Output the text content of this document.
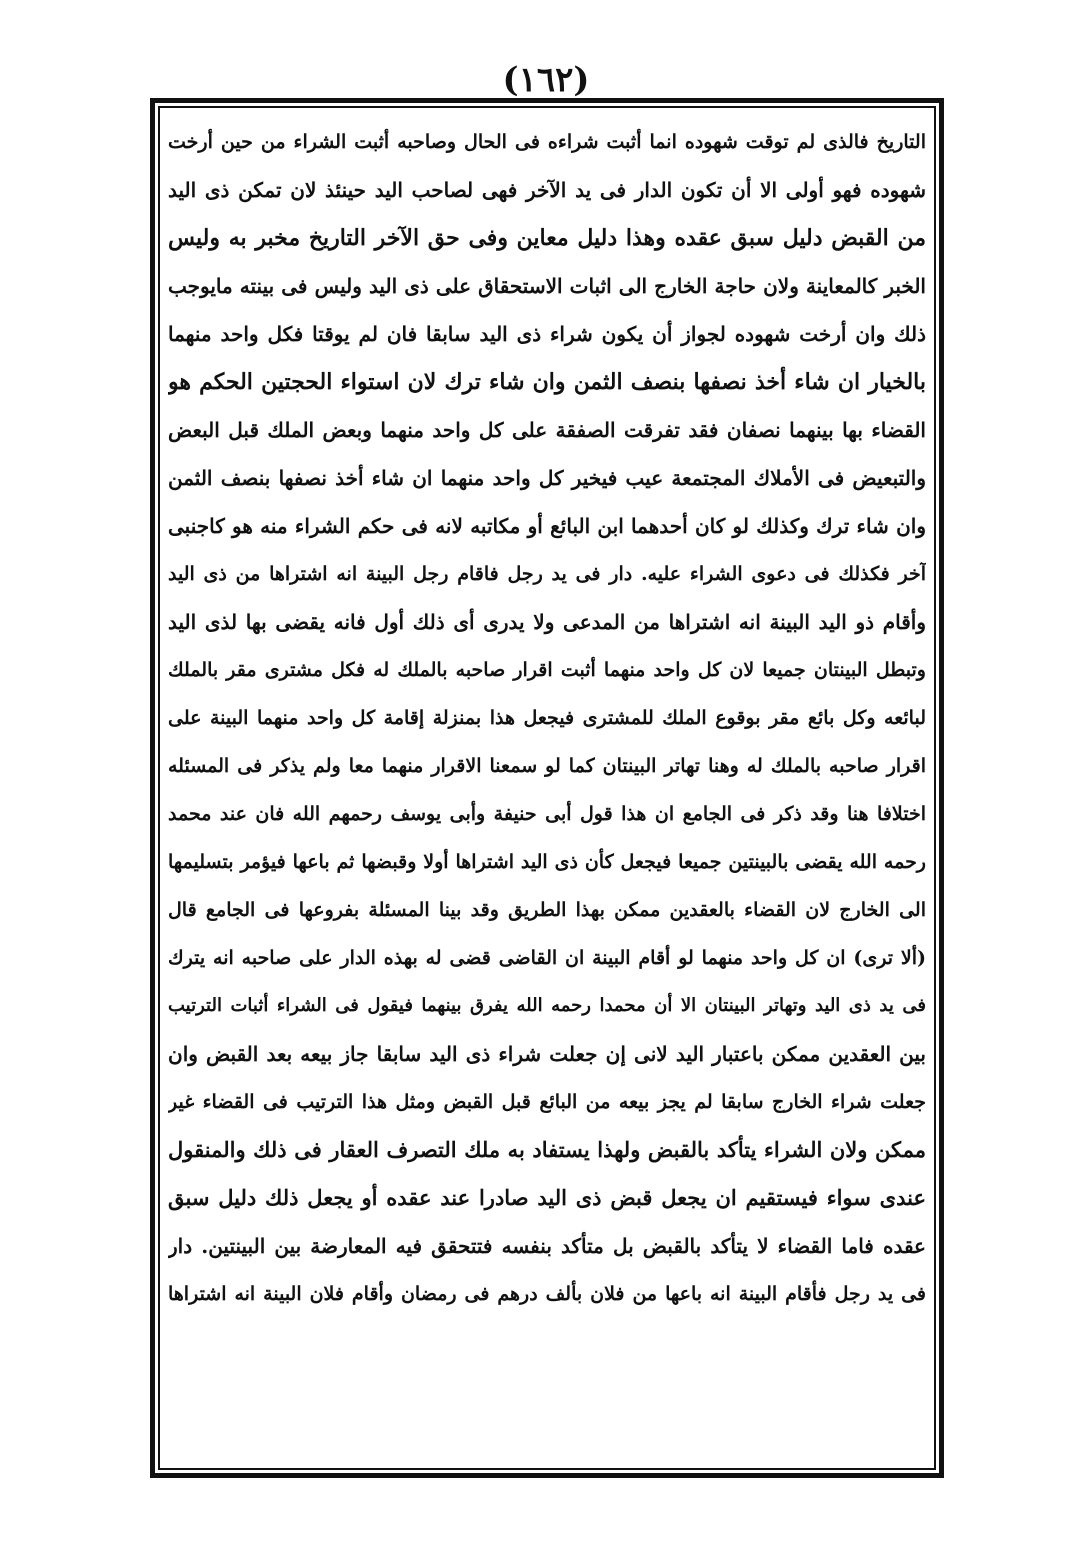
(١٦٢)
التاريخ فالذى لم توقت شهوده انما أثبت شراءه فى الحال وصاحبه أثبت الشراء من حين أرخت
شهوده فهو أولى الا أن تكون الدار فى يد الآخر فهى لصاحب اليد حينئذ لان تمكن ذى اليد
من القبض دليل سبق عقده وهذا دليل معاين وفى حق الآخر التاريخ مخبر به وليس
الخبر كالمعاينة ولان حاجة الخارج الى اثبات الاستحقاق على ذى اليد وليس فى بينته مايوجب
ذلك وان أرخت شهوده لجواز أن يكون شراء ذى اليد سابقا فان لم يوقتا فكل واحد منهما
بالخيار ان شاء أخذ نصفها بنصف الثمن وان شاء ترك لان استواء الحجتين الحكم هو
القضاء بها بينهما نصفان فقد تفرقت الصفقة على كل واحد منهما وبعض الملك قبل البعض
والتبعيض فى الأملاك المجتمعة عيب فيخير كل واحد منهما ان شاء أخذ نصفها بنصف الثمن
وان شاء ترك وكذلك لو كان أحدهما ابن البائع أو مكاتبه لانه فى حكم الشراء منه هو كاجنبى
آخر فكذلك فى دعوى الشراء عليه. دار فى يد رجل فاقام رجل البينة انه اشتراها من ذى اليد
وأقام ذو اليد البينة انه اشتراها من المدعى ولا يدرى أى ذلك أول فانه يقضى بها لذى اليد
وتبطل البينتان جميعا لان كل واحد منهما أثبت اقرار صاحبه بالملك له فكل مشترى مقر بالملك
لبائعه وكل بائع مقر بوقوع الملك للمشترى فيجعل هذا بمنزلة إقامة كل واحد منهما البينة على
اقرار صاحبه بالملك له وهنا تهاتر البينتان كما لو سمعنا الاقرار منهما معا ولم يذكر فى المسئله
اختلافا هنا وقد ذكر فى الجامع ان هذا قول أبى حنيفة وأبى يوسف رحمهم الله فان عند محمد
رحمه الله يقضى بالبينتين جميعا فيجعل كأن ذى اليد اشتراها أولا وقبضها ثم باعها فيؤمر بتسليمها
الى الخارج لان القضاء بالعقدين ممكن بهذا الطريق وقد بينا المسئلة بفروعها فى الجامع قال
(ألا ترى) ان كل واحد منهما لو أقام البينة ان القاضى قضى له بهذه الدار على صاحبه انه يترك
فى يد ذى اليد وتهاتر البينتان الا أن محمدا رحمه الله يفرق بينهما فيقول فى الشراء أثبات الترتيب
بين العقدين ممكن باعتبار اليد لانى إن جعلت شراء ذى اليد سابقا جاز بيعه بعد القبض وان
جعلت شراء الخارج سابقا لم يجز بيعه من البائع قبل القبض ومثل هذا الترتيب فى القضاء غير
ممكن ولان الشراء يتأكد بالقبض ولهذا يستفاد به ملك التصرف العقار فى ذلك والمنقول
عندى سواء فيستقيم ان يجعل قبض ذى اليد صادرا عند عقده أو يجعل ذلك دليل سبق
عقده فاما القضاء لا يتأكد بالقبض بل متأكد بنفسه فتتحقق فيه المعارضة بين البينتين. دار
فى يد رجل فأقام البينة انه باعها من فلان بألف درهم فى رمضان وأقام فلان البينة انه اشتراها
